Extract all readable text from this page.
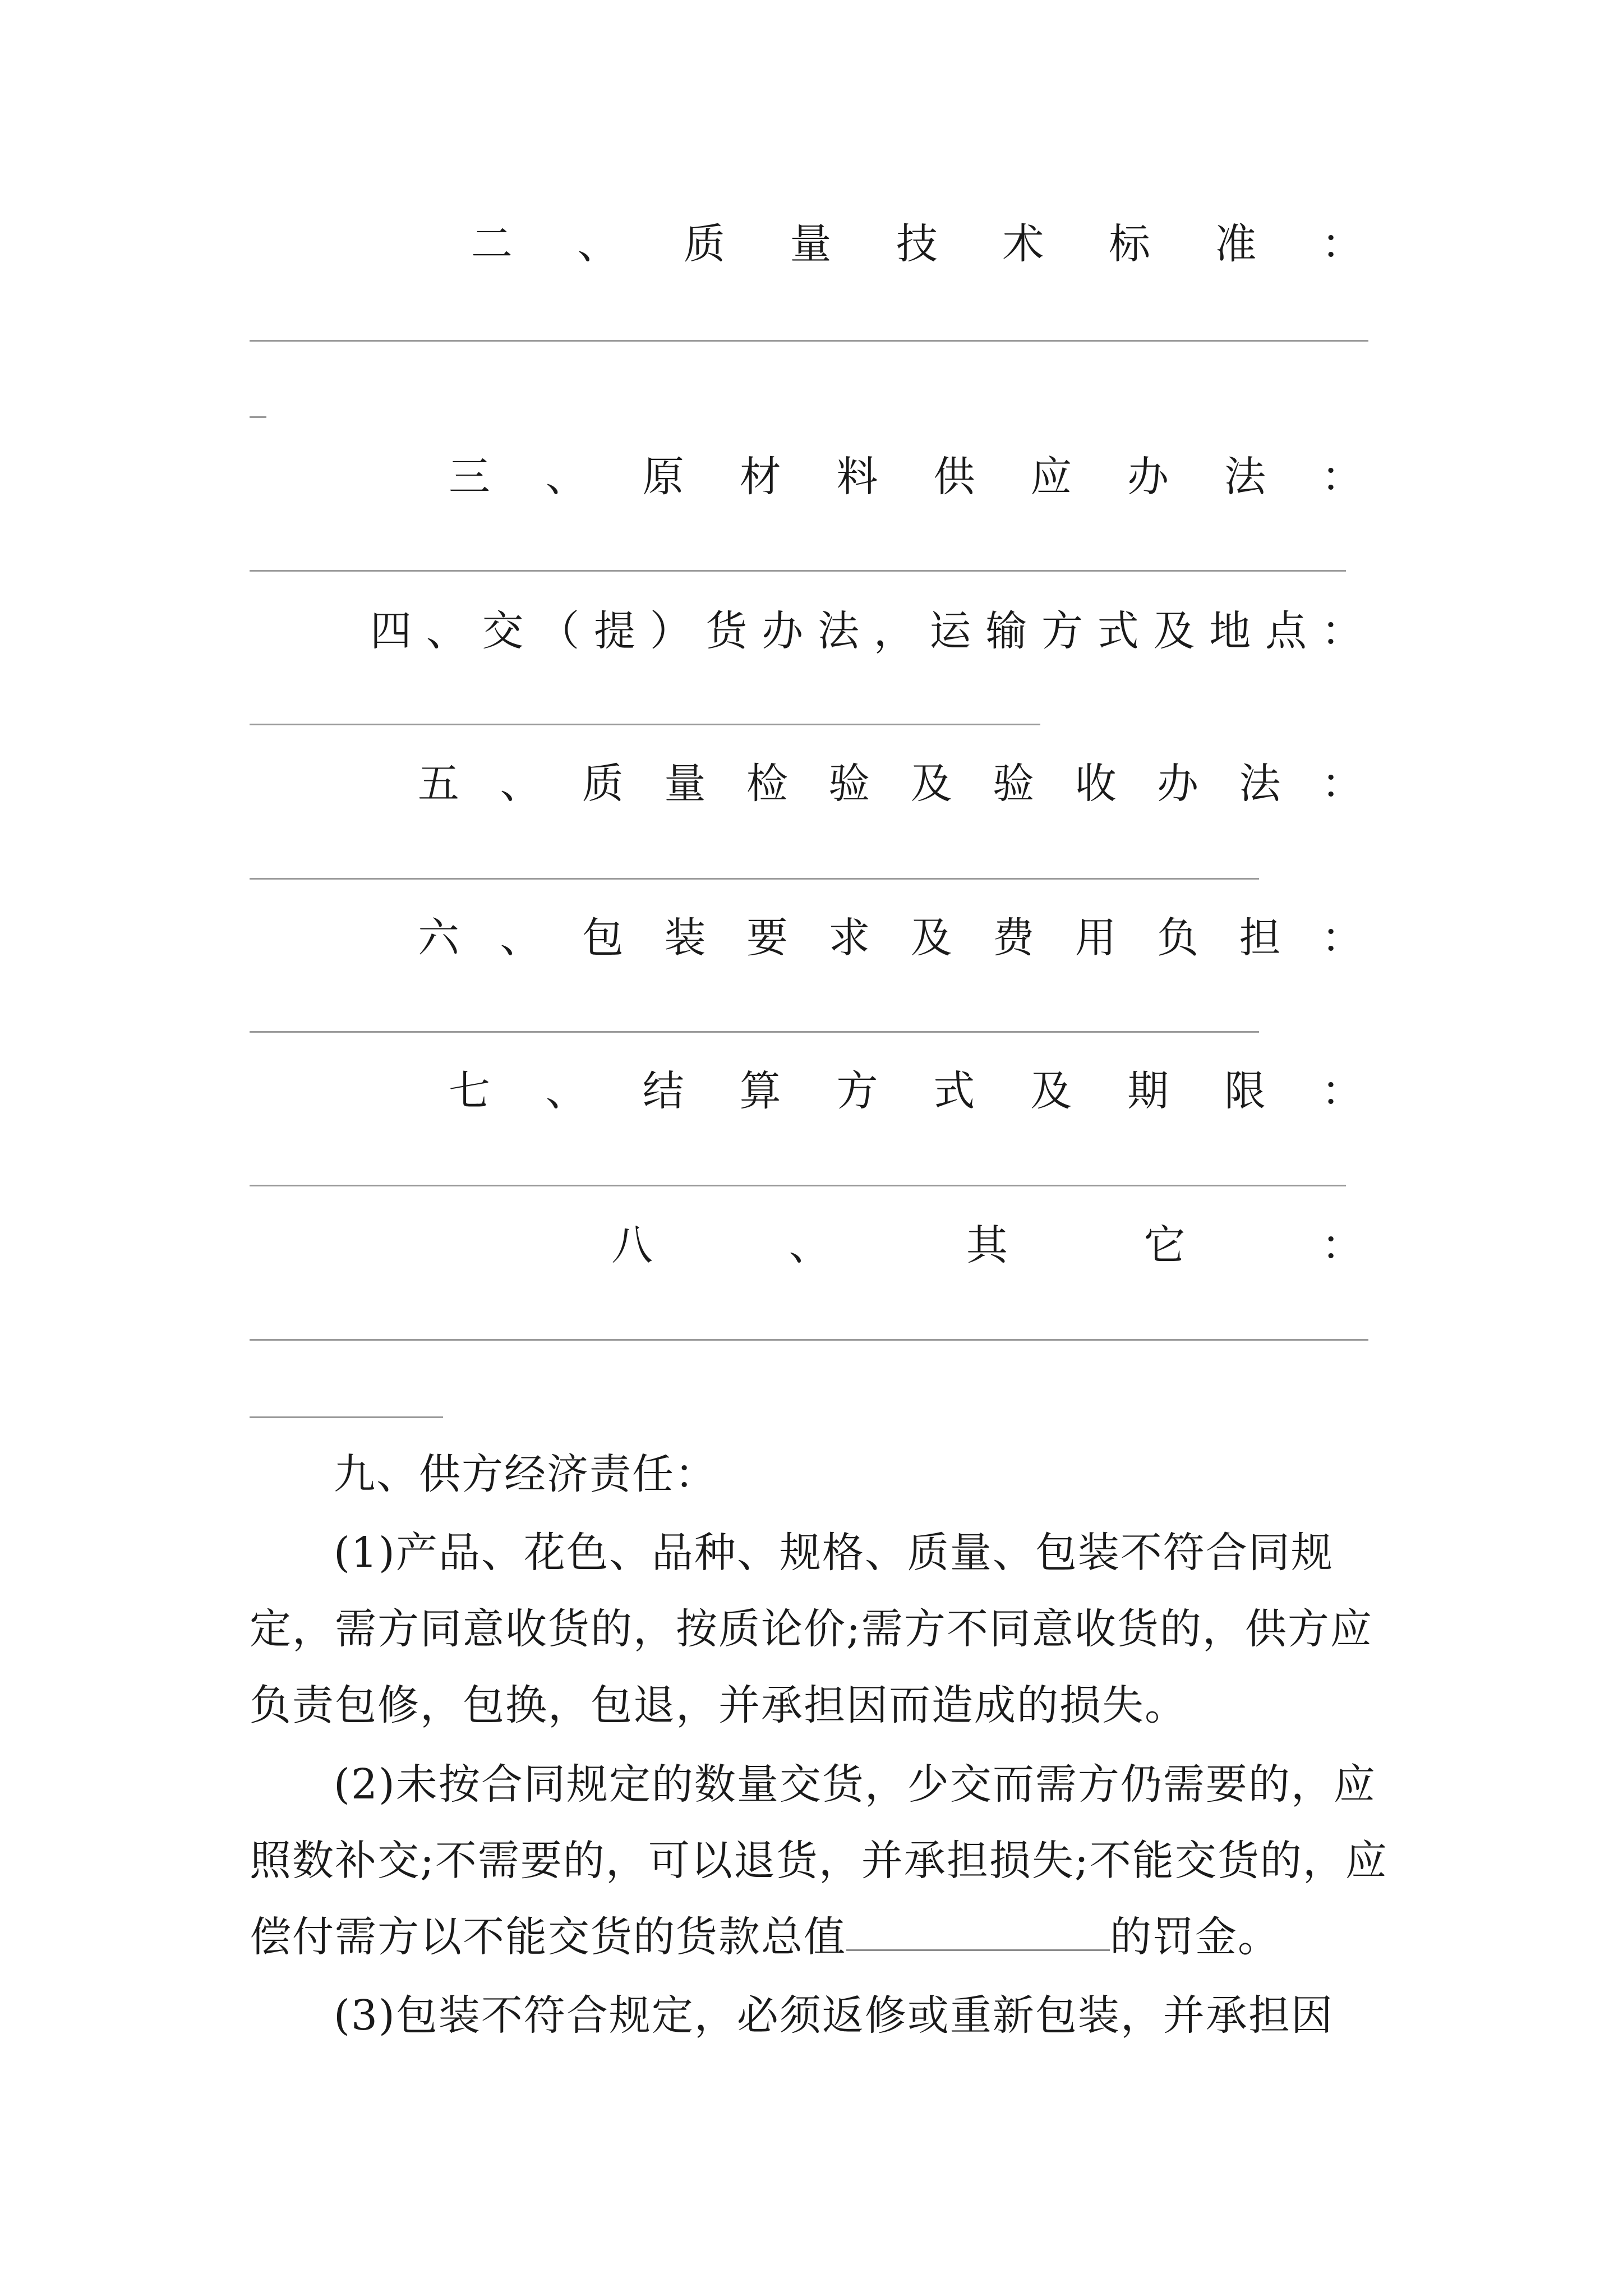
二 、 质 量 技 术 标 准 ：
三 、 原 材 料 供 应 办 法 ：
四 、 交 （ 提 ） 货 办 法 ， 运 输 方 式 及 地 点 ：
五 、 质 量 检 验 及 验 收 办 法 ：
六 、 包 装 要 求 及 费 用 负 担 ：
七 、 结 算 方 式 及 期 限 ：
八	、	其	它	：
九、供方经济责任：
(1)产品、花色、品种、规格、质量、包装不符合同规定，需方同意收货的，按质论价;需方不同意收货的，供方应负责包修，包换，包退，并承担因而造成的损失。
(2)未按合同规定的数量交货，少交而需方仍需要的，应照数补交;不需要的，可以退货，并承担损失;不能交货的，应偿付需方以不能交货的货款总值	的罚金。
(3)包装不符合规定，必须返修或重新包装，并承担因
